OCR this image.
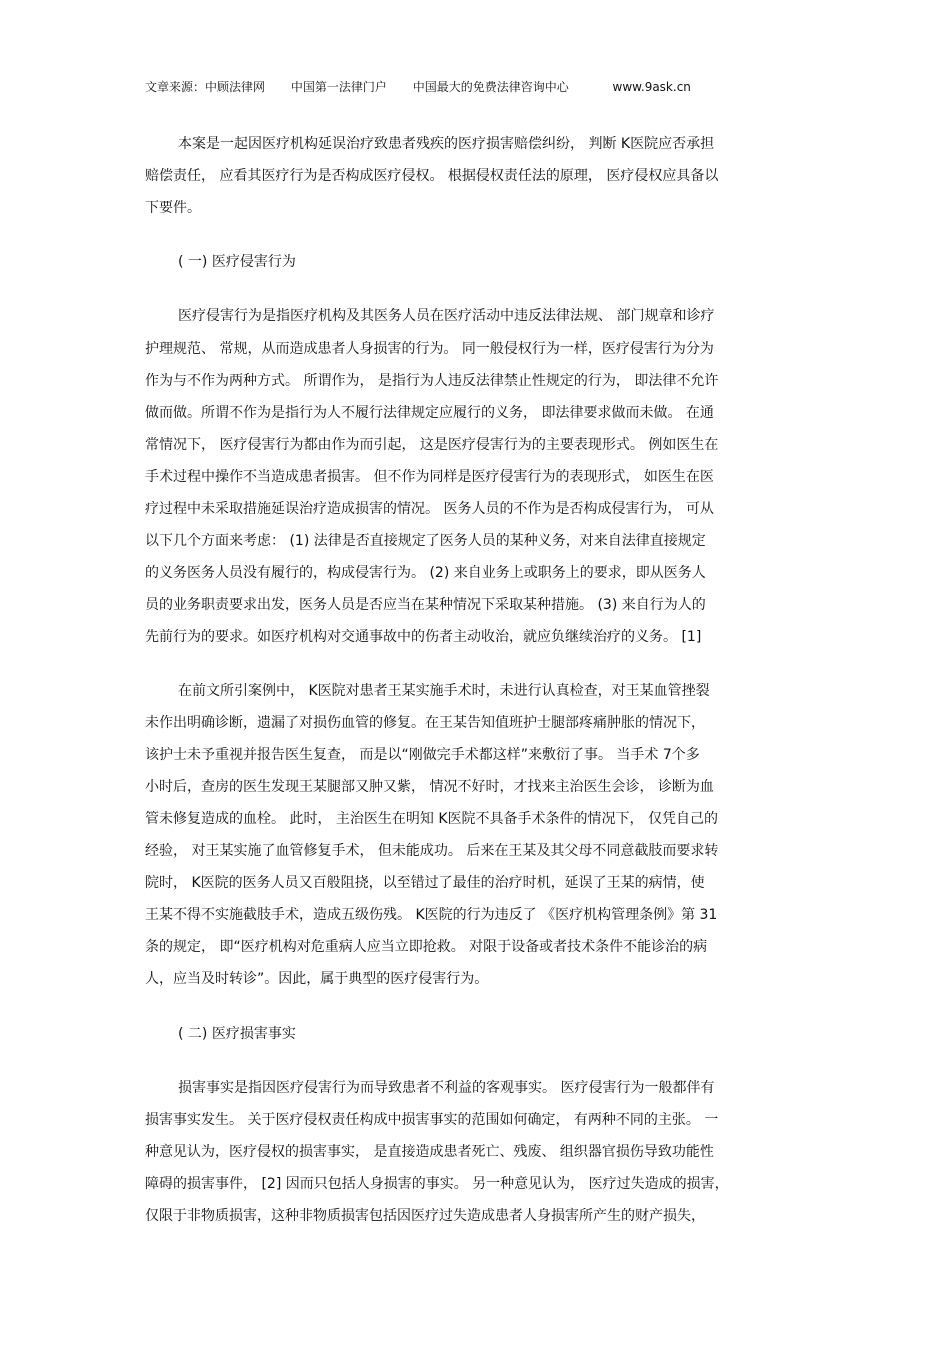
文章来源：中顾法律网 中国第一法律门户 中国最大的免费法律咨询中心	www.9ask.cn
本案是一起因医疗机构延误治疗致患者残疾的医疗损害赔偿纠纷， 判断 K医院应否承担
赔偿责任， 应看其医疗行为是否构成医疗侵权。 根据侵权责任法的原理， 医疗侵权应具备以
下要件。
( 一) 医疗侵害行为
医疗侵害行为是指医疗机构及其医务人员在医疗活动中违反法律法规、 部门规章和诊疗
护理规范、 常规，从而造成患者人身损害的行为。 同一般侵权行为一样，医疗侵害行为分为
作为与不作为两种方式。 所谓作为， 是指行为人违反法律禁止性规定的行为， 即法律不允许
做而做。所谓不作为是指行为人不履行法律规定应履行的义务， 即法律要求做而未做。 在通
常情况下， 医疗侵害行为都由作为而引起， 这是医疗侵害行为的主要表现形式。 例如医生在
手术过程中操作不当造成患者损害。 但不作为同样是医疗侵害行为的表现形式， 如医生在医
疗过程中未采取措施延误治疗造成损害的情况。 医务人员的不作为是否构成侵害行为， 可从
以下几个方面来考虑： (1) 法律是否直接规定了医务人员的某种义务，对来自法律直接规定
的义务医务人员没有履行的，构成侵害行为。 (2) 来自业务上或职务上的要求，即从医务人
员的业务职责要求出发，医务人员是否应当在某种情况下采取某种措施。 (3) 来自行为人的
先前行为的要求。如医疗机构对交通事故中的伤者主动收治，就应负继续治疗的义务。 [1]
在前文所引案例中， K医院对患者王某实施手术时，未进行认真检查，对王某血管挫裂
未作出明确诊断，遗漏了对损伤血管的修复。在王某告知值班护士腿部疼痛肿胀的情况下，
该护士未予重视并报告医生复查， 而是以“刚做完手术都这样”来敷衍了事。 当手术 7个多
小时后，查房的医生发现王某腿部又肿又紫， 情况不好时，才找来主治医生会诊， 诊断为血
管未修复造成的血栓。 此时， 主治医生在明知 K医院不具备手术条件的情况下， 仅凭自己的
经验， 对王某实施了血管修复手术， 但未能成功。 后来在王某及其父母不同意截肢而要求转
院时， K医院的医务人员又百般阻挠，以至错过了最佳的治疗时机，延误了王某的病情，使
王某不得不实施截肢手术，造成五级伤残。 K医院的行为违反了 《医疗机构管理条例》第 31
条的规定， 即“医疗机构对危重病人应当立即抢救。 对限于设备或者技术条件不能诊治的病
人，应当及时转诊”。因此，属于典型的医疗侵害行为。
( 二) 医疗损害事实
损害事实是指因医疗侵害行为而导致患者不利益的客观事实。 医疗侵害行为一般都伴有
损害事实发生。 关于医疗侵权责任构成中损害事实的范围如何确定， 有两种不同的主张。 一
种意见认为，医疗侵权的损害事实， 是直接造成患者死亡、残废、 组织器官损伤导致功能性
障碍的损害事件， [2] 因而只包括人身损害的事实。 另一种意见认为， 医疗过失造成的损害，
仅限于非物质损害，这种非物质损害包括因医疗过失造成患者人身损害所产生的财产损失，
